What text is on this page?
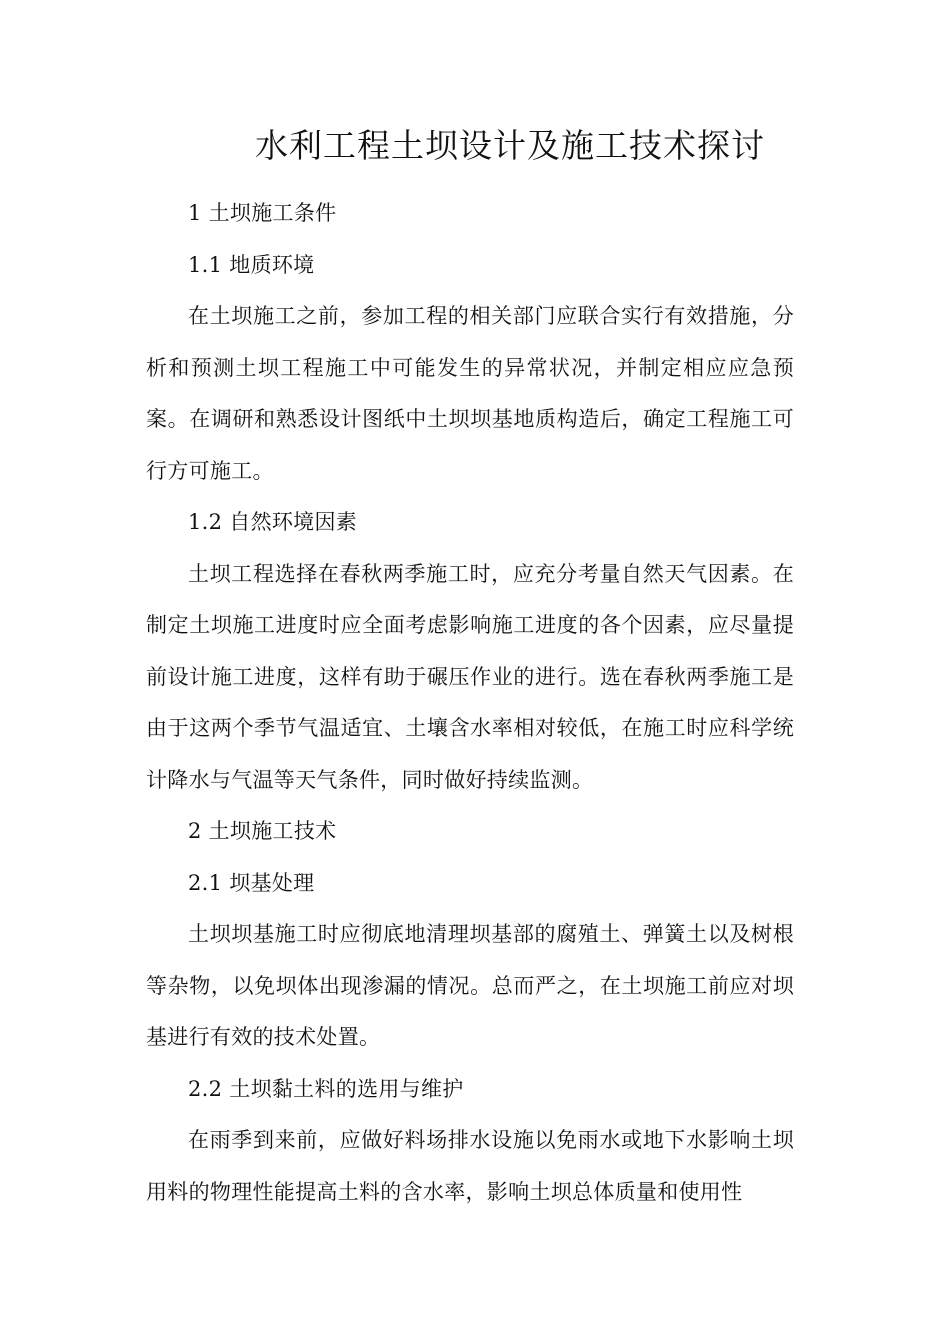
水利工程土坝设计及施工技术探讨

1 土坝施工条件

1.1 地质环境

在土坝施工之前，参加工程的相关部门应联合实行有效措施，分析和预测土坝工程施工中可能发生的异常状况，并制定相应应急预案。在调研和熟悉设计图纸中土坝坝基地质构造后，确定工程施工可行方可施工。

1.2 自然环境因素

土坝工程选择在春秋两季施工时，应充分考量自然天气因素。在制定土坝施工进度时应全面考虑影响施工进度的各个因素，应尽量提前设计施工进度，这样有助于碾压作业的进行。选在春秋两季施工是由于这两个季节气温适宜、土壤含水率相对较低，在施工时应科学统计降水与气温等天气条件，同时做好持续监测。

2 土坝施工技术

2.1 坝基处理

土坝坝基施工时应彻底地清理坝基部的腐殖土、弹簧土以及树根等杂物，以免坝体出现渗漏的情况。总而严之，在土坝施工前应对坝基进行有效的技术处置。

2.2 土坝黏土料的选用与维护

在雨季到来前，应做好料场排水设施以免雨水或地下水影响土坝用料的物理性能提高土料的含水率，影响土坝总体质量和使用性
